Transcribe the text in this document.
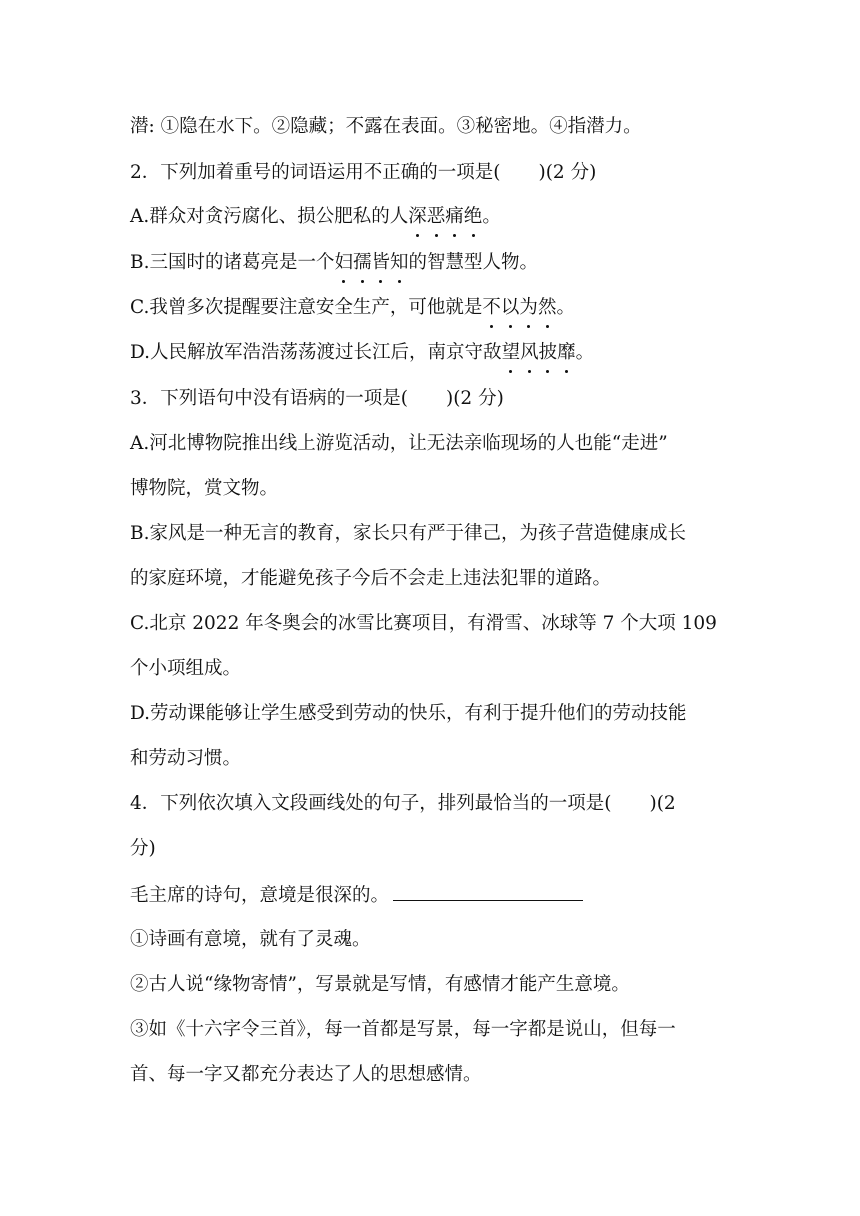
潜: ①隐在水下。②隐藏；不露在表面。③秘密地。④指潜力。
2．下列加着重号的词语运用不正确的一项是( )(2 分)
A.群众对贪污腐化、损公肥私的人深恶痛绝。
B.三国时的诸葛亮是一个妇孺皆知的智慧型人物。
C.我曾多次提醒要注意安全生产，可他就是不以为然。
D.人民解放军浩浩荡荡渡过长江后，南京守敌望风披靡。
3．下列语句中没有语病的一项是( )(2 分)
A.河北博物院推出线上游览活动，让无法亲临现场的人也能“走进”
博物院，赏文物。
B.家风是一种无言的教育，家长只有严于律己，为孩子营造健康成长
的家庭环境，才能避免孩子今后不会走上违法犯罪的道路。
C.北京 2022 年冬奥会的冰雪比赛项目，有滑雪、冰球等 7 个大项 109
个小项组成。
D.劳动课能够让学生感受到劳动的快乐，有利于提升他们的劳动技能
和劳动习惯。
4．下列依次填入文段画线处的句子，排列最恰当的一项是( )(2
分)
毛主席的诗句，意境是很深的。
①诗画有意境，就有了灵魂。
②古人说“缘物寄情”，写景就是写情，有感情才能产生意境。
③如《十六字令三首》，每一首都是写景，每一字都是说山，但每一
首、每一字又都充分表达了人的思想感情。
